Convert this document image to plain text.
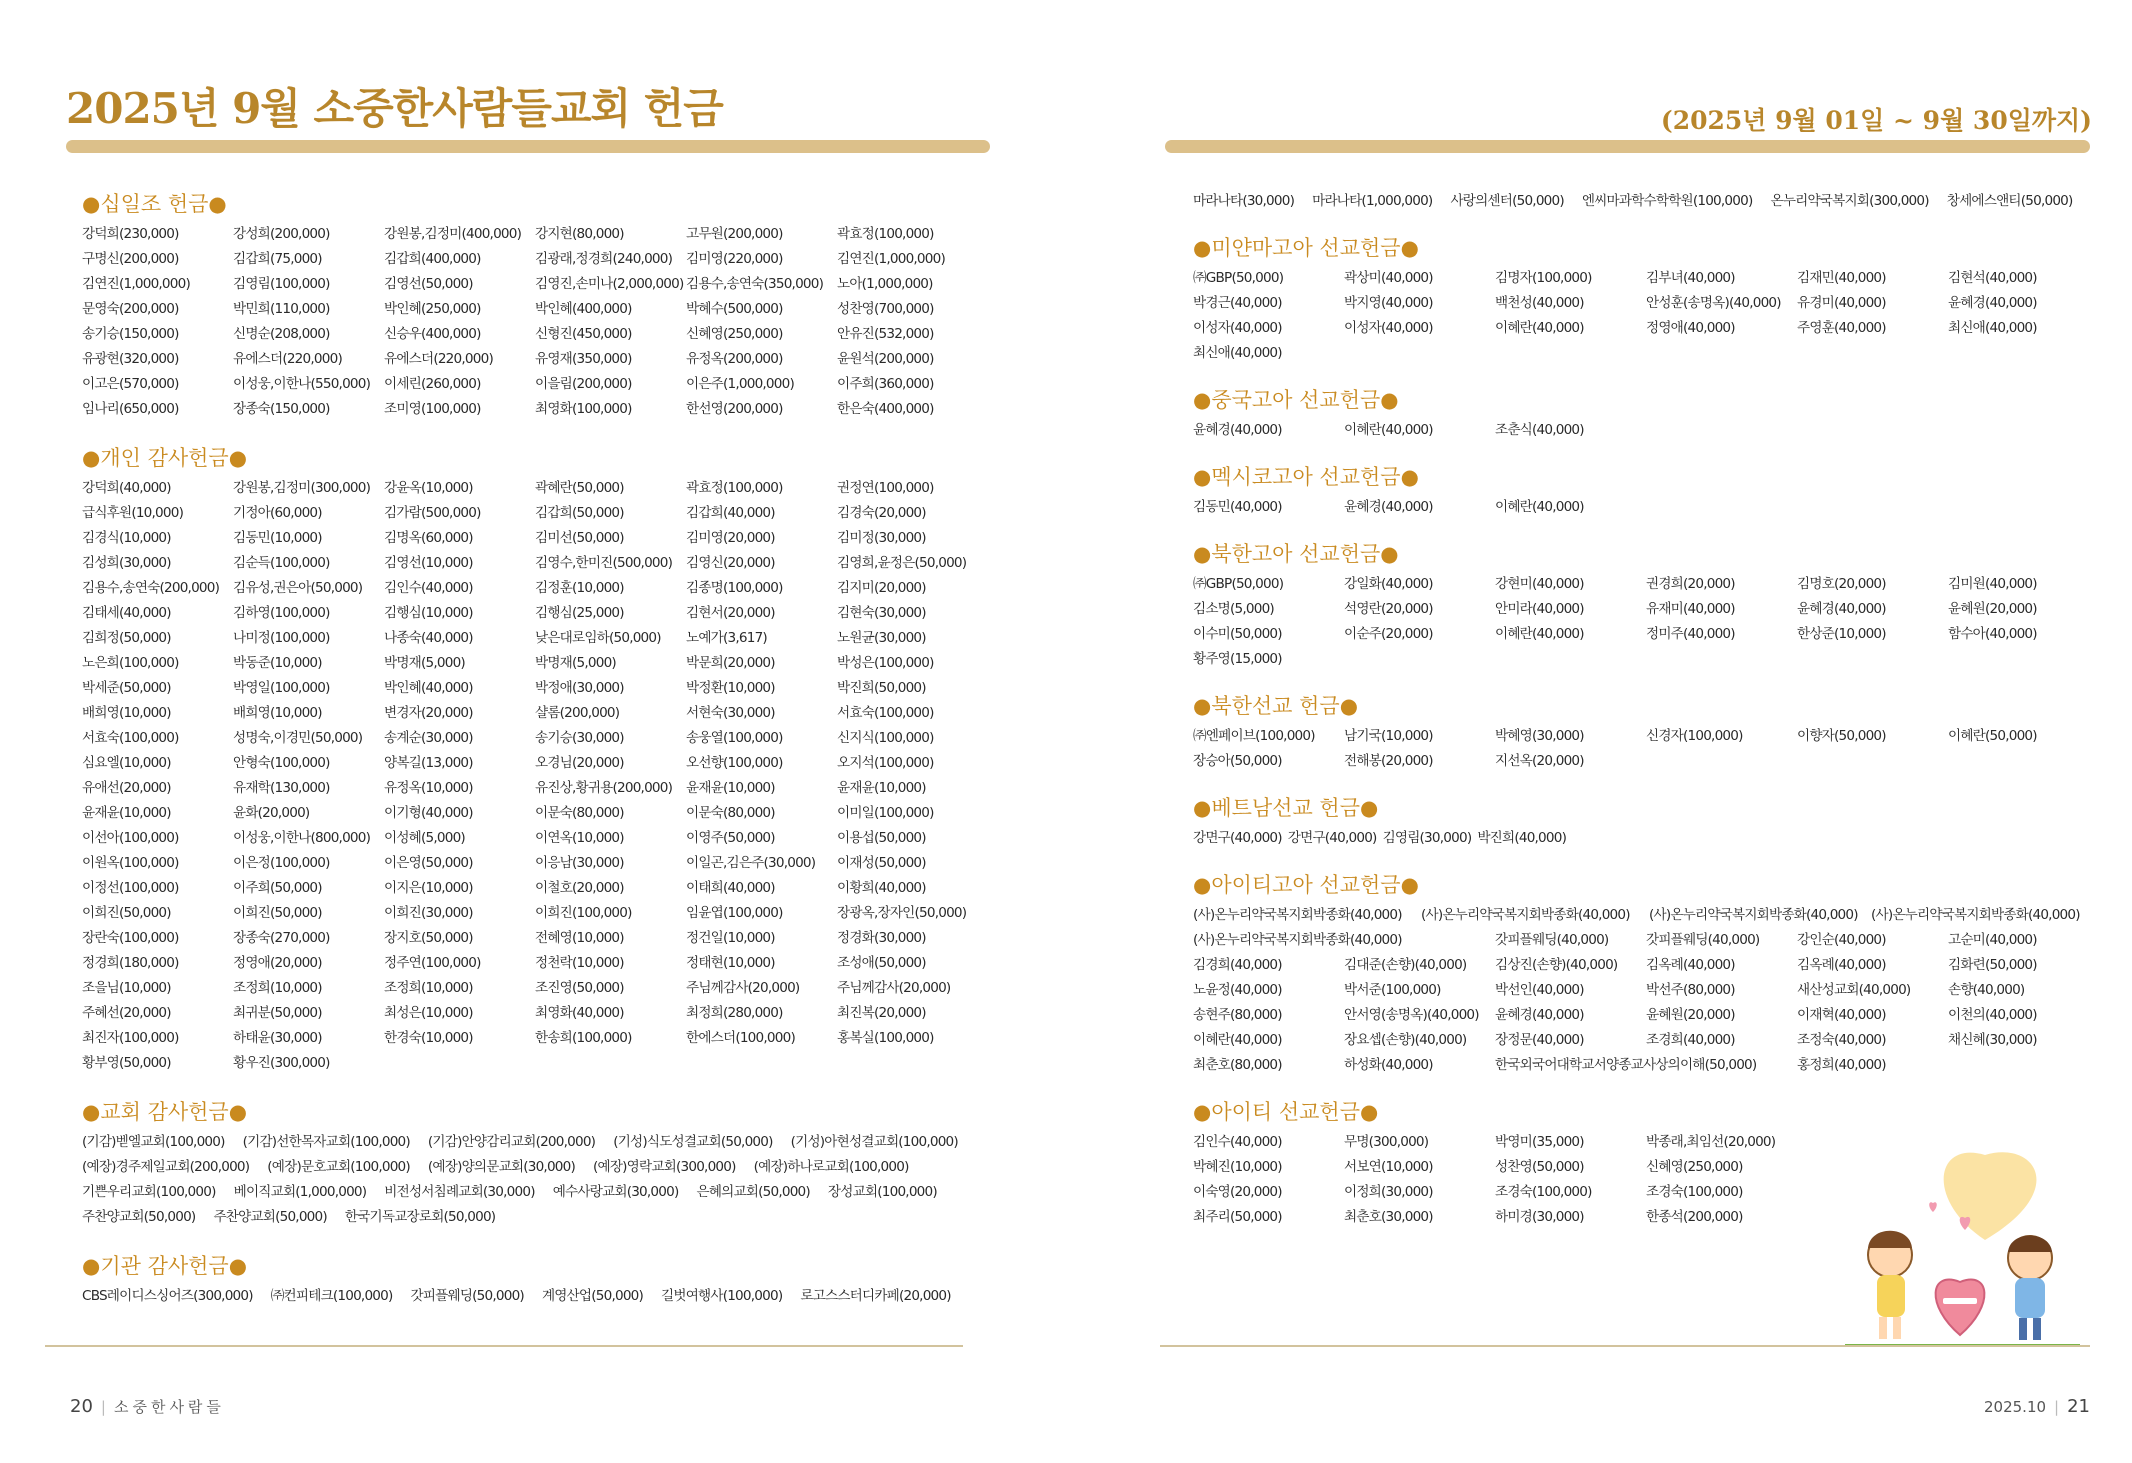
2025년 9월 소중한사람들교회 헌금	(2025년 9월 01일 ~ 9월 30일까지)
●십일조 헌금●
강덕희(230,000)	강성희(200,000)	강원봉,김정미(400,000)	강지현(80,000)	고무원(200,000)	곽효정(100,000)
구명신(200,000)	김갑희(75,000)	김갑희(400,000)	김광래,정경희(240,000)	김미영(220,000)	김연진(1,000,000)
김연진(1,000,000)	김영림(100,000)	김영선(50,000)	김영진,손미나(2,000,000) 김용수,송연숙(350,000)	노아(1,000,000)
문영숙(200,000)	박민희(110,000)	박인혜(250,000)	박인혜(400,000)	박혜수(500,000)	성찬영(700,000)
송기승(150,000)	신명순(208,000)	신승우(400,000)	신형진(450,000)	신혜영(250,000)	안유진(532,000)
유광현(320,000)	유에스더(220,000)	유에스더(220,000)	유영재(350,000)	유정옥(200,000)	윤원석(200,000)
이고은(570,000)	이성웅,이한나(550,000)	이세린(260,000)	이을림(200,000)	이은주(1,000,000)	이주희(360,000)
임나리(650,000)	장종숙(150,000)	조미영(100,000)	최영화(100,000)	한선영(200,000)	한은숙(400,000)
●개인 감사헌금●
강덕희(40,000)	강원봉,김정미(300,000)	강윤옥(10,000)	곽혜란(50,000)	곽효정(100,000)	권정연(100,000)
급식후원(10,000)	기정아(60,000)	김가람(500,000)	김갑희(50,000)	김갑희(40,000)	김경숙(20,000)
김경식(10,000)	김동민(10,000)	김명옥(60,000)	김미선(50,000)	김미영(20,000)	김미정(30,000)
김성희(30,000)	김순득(100,000)	김영선(10,000)	김영수,한미진(500,000)	김영신(20,000)	김영희,윤정은(50,000)
김용수,송연숙(200,000)	김유성,권은아(50,000)	김인수(40,000)	김정훈(10,000)	김종명(100,000)	김지미(20,000)
김태세(40,000)	김하영(100,000)	김행심(10,000)	김행심(25,000)	김현서(20,000)	김현숙(30,000)
김희정(50,000)	나미정(100,000)	나종숙(40,000)	낮은대로임하(50,000)	노예가(3,617)	노원균(30,000)
노은희(100,000)	박동준(10,000)	박명재(5,000)	박명재(5,000)	박문희(20,000)	박성은(100,000)
박세준(50,000)	박영일(100,000)	박인혜(40,000)	박정애(30,000)	박정환(10,000)	박진희(50,000)
배희영(10,000)	배희영(10,000)	변경자(20,000)	샬롬(200,000)	서현숙(30,000)	서효숙(100,000)
서효숙(100,000)	성명숙,이경민(50,000)	송계순(30,000)	송기승(30,000)	송웅열(100,000)	신지식(100,000)
심요엘(10,000)	안형숙(100,000)	양복길(13,000)	오경님(20,000)	오선향(100,000)	오지석(100,000)
유애선(20,000)	유재학(130,000)	유정옥(10,000)	유진상,황귀용(200,000)	윤재윤(10,000)	윤재윤(10,000)
윤재윤(10,000)	윤화(20,000)	이기형(40,000)	이문숙(80,000)	이문숙(80,000)	이미일(100,000)
이선아(100,000)	이성웅,이한나(800,000)	이성혜(5,000)	이연옥(10,000)	이영주(50,000)	이용섭(50,000)
이원옥(100,000)	이은정(100,000)	이은영(50,000)	이응남(30,000)	이일곤,김은주(30,000)	이재성(50,000)
이정선(100,000)	이주희(50,000)	이지은(10,000)	이철호(20,000)	이태희(40,000)	이황희(40,000)
이희진(50,000)	이희진(50,000)	이희진(30,000)	이희진(100,000)	임윤엽(100,000)	장광옥,장자인(50,000)
장란숙(100,000)	장종숙(270,000)	장지호(50,000)	전혜영(10,000)	정건일(10,000)	정경화(30,000)
정경희(180,000)	정영애(20,000)	정주연(100,000)	정천락(10,000)	정태현(10,000)	조성애(50,000)
조을님(10,000)	조정희(10,000)	조정희(10,000)	조진영(50,000)	주님께감사(20,000)	주님께감사(20,000)
주혜선(20,000)	최귀분(50,000)	최성은(10,000)	최영화(40,000)	최정희(280,000)	최진복(20,000)
최진자(100,000)	하태윤(30,000)	한경숙(10,000)	한송희(100,000)	한에스더(100,000)	홍복실(100,000)
황부영(50,000)	황우진(300,000)
●교회 감사헌금●
(기감)벧엘교회(100,000) (기감)선한목자교회(100,000) (기감)안양감리교회(200,000) (기성)식도성결교회(50,000) (기성)아현성결교회(100,000)
(예장)경주제일교회(200,000) (예장)문호교회(100,000) (예장)양의문교회(30,000) (예장)영락교회(300,000) (예장)하나로교회(100,000)
기쁜우리교회(100,000) 베이직교회(1,000,000) 비전성서침례교회(30,000) 예수사랑교회(30,000) 은혜의교회(50,000) 장성교회(100,000)
주찬양교회(50,000) 주찬양교회(50,000) 한국기독교장로회(50,000)
●기관 감사헌금●
CBS레이디스싱어즈(300,000) ㈜컨피테크(100,000) 갓피플웨딩(50,000) 계영산업(50,000) 길벗여행사(100,000) 로고스스터디카페(20,000)
마라나타(30,000) 마라나타(1,000,000) 사랑의센터(50,000) 엔씨마과학수학학원(100,000) 온누리약국복지회(300,000) 창세에스앤티(50,000)
●미얀마고아 선교헌금●
㈜GBP(50,000)	곽상미(40,000)	김명자(100,000)	김부녀(40,000)	김재민(40,000)	김현석(40,000)
박경근(40,000)	박지영(40,000)	백천성(40,000)	안성훈(송명옥)(40,000)	유경미(40,000)	윤혜경(40,000)
이성자(40,000)	이성자(40,000)	이혜란(40,000)	정영애(40,000)	주영훈(40,000)	최신애(40,000)
최신애(40,000)
●중국고아 선교헌금●
윤혜경(40,000)	이혜란(40,000)	조춘식(40,000)
●멕시코고아 선교헌금●
김동민(40,000)	윤혜경(40,000)	이혜란(40,000)
●북한고아 선교헌금●
㈜GBP(50,000)	강일화(40,000)	강현미(40,000)	권경희(20,000)	김명호(20,000)	김미원(40,000)
김소명(5,000)	석영란(20,000)	안미라(40,000)	유재미(40,000)	윤혜경(40,000)	윤혜원(20,000)
이수미(50,000)	이순주(20,000)	이혜란(40,000)	정미주(40,000)	한상준(10,000)	함수아(40,000)
황주영(15,000)
●북한선교 헌금●
㈜엔페이브(100,000)	남기국(10,000)	박혜영(30,000)	신경자(100,000)	이향자(50,000)	이혜란(50,000)
장승아(50,000)	전해봉(20,000)	지선옥(20,000)
●베트남선교 헌금●
강면구(40,000) 강면구(40,000) 김영림(30,000) 박진희(40,000)
●아이티고아 선교헌금●
(사)온누리약국복지회박종화(40,000)	(사)온누리약국복지회박종화(40,000)	(사)온누리약국복지회박종화(40,000) (사)온누리약국복지회박종화(40,000)
(사)온누리약국복지회박종화(40,000)	갓피플웨딩(40,000)	갓피플웨딩(40,000)	강인순(40,000)	고순미(40,000)
김경희(40,000)	김대준(손향)(40,000)	김상진(손향)(40,000)	김옥례(40,000)	김옥례(40,000)	김화련(50,000)
노윤정(40,000)	박서준(100,000)	박선인(40,000)	박선주(80,000)	새산성교회(40,000)	손향(40,000)
송현주(80,000)	안서영(송명옥)(40,000)	윤혜경(40,000)	윤혜원(20,000)	이재혁(40,000)	이천의(40,000)
이혜란(40,000)	장요셉(손향)(40,000)	장정문(40,000)	조경희(40,000)	조정숙(40,000)	채신혜(30,000)
최춘호(80,000)	하성화(40,000)	한국외국어대학교서양종교사상의이해(50,000)	홍정희(40,000)
●아이티 선교헌금●
김인수(40,000)	무명(300,000)	박영미(35,000)	박종래,최임선(20,000)
박혜진(10,000)	서보연(10,000)	성찬영(50,000)	신혜영(250,000)
이숙영(20,000)	이정희(30,000)	조경숙(100,000)	조경숙(100,000)
최주리(50,000)	최춘호(30,000)	하미경(30,000)	한종석(200,000)
20 | 소중한사람들	2025.10 | 21
